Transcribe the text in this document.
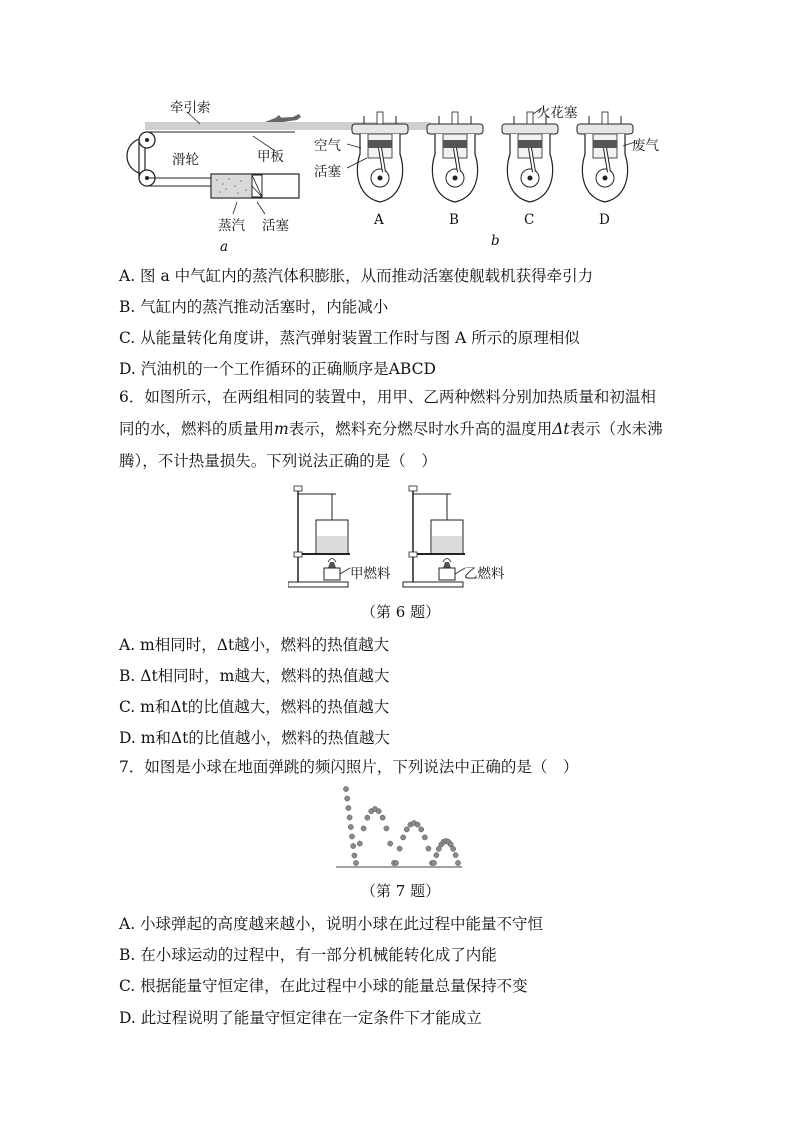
牵引索
滑轮	甲板
蒸汽 活塞
a
空气
活塞
火花塞
废气
A	B	C	D
b
A. 图 a 中气缸内的蒸汽体积膨胀，从而推动活塞使舰载机获得牵引力
B. 气缸内的蒸汽推动活塞时，内能减小
C. 从能量转化角度讲，蒸汽弹射装置工作时与图 A 所示的原理相似
D. 汽油机的一个工作循环的正确顺序是ABCD
6．如图所示，在两组相同的装置中，用甲、乙两种燃料分别加热质量和初温相
同的水，燃料的质量用m表示，燃料充分燃尽时水升高的温度用Δt表示（水未沸
腾），不计热量损失。下列说法正确的是（　）
甲燃料	乙燃料
（第 6 题）
A. m相同时，Δt越小，燃料的热值越大
B. Δt相同时，m越大，燃料的热值越大
C. m和Δt的比值越大，燃料的热值越大
D. m和Δt的比值越小，燃料的热值越大
7．如图是小球在地面弹跳的频闪照片，下列说法中正确的是（　）
（第 7 题）
A. 小球弹起的高度越来越小，说明小球在此过程中能量不守恒
B. 在小球运动的过程中，有一部分机械能转化成了内能
C. 根据能量守恒定律，在此过程中小球的能量总量保持不变
D. 此过程说明了能量守恒定律在一定条件下才能成立
